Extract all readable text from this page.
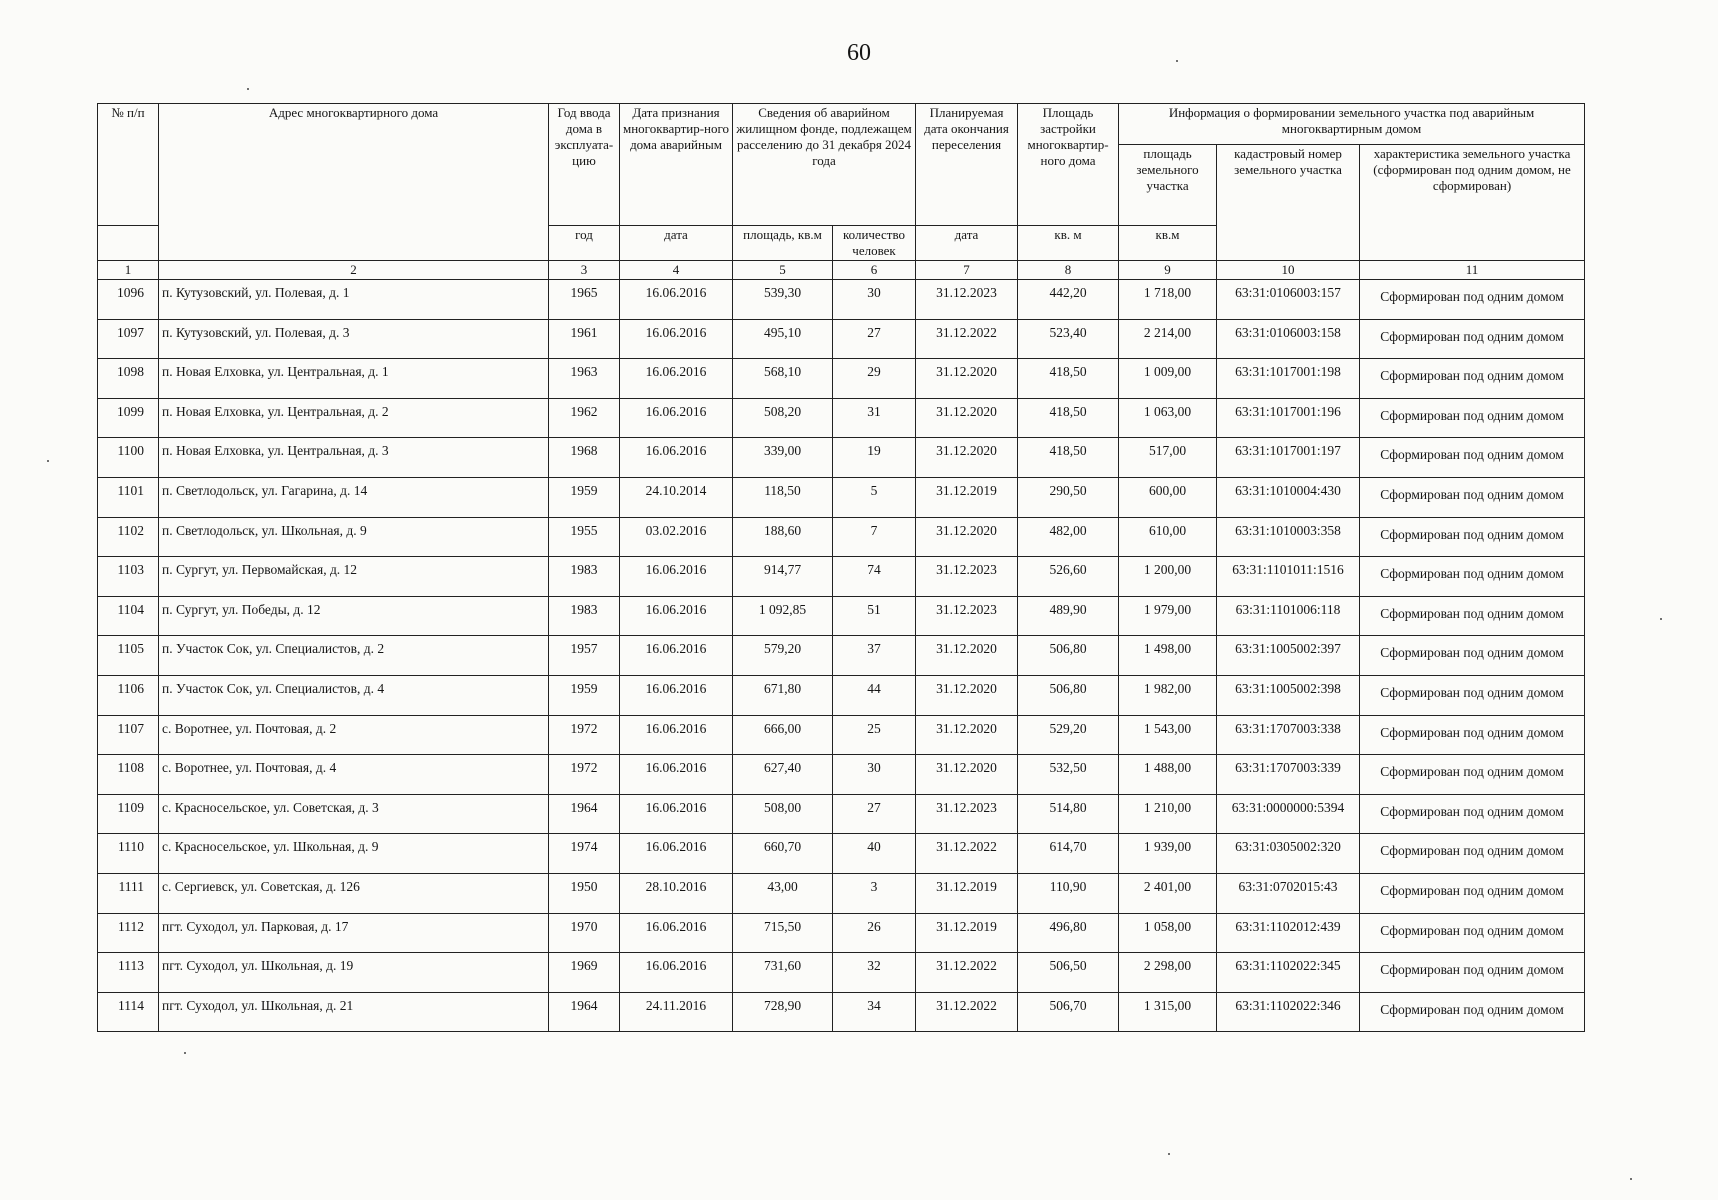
60
№ п/п	Адрес многоквартирного дома	Год ввода дома в эксплуата-цию	Дата признания многоквартир-ного дома аварийным	Сведения об аварийном жилищном фонде, подлежащем расселению до 31 декабря 2024 года		Планируемая дата окончания переселения	Площадь застройки многоквартир-ного дома	Информация о формировании земельного участка под аварийным многоквартирным домом		
								площадь земельного участка	кадастровый номер земельного участка	характеристика земельного участка (сформирован под одним домом, не сформирован)
		год	дата	площадь, кв.м	количество человек	дата	кв. м	кв.м		
1	2	3	4	5	6	7	8	9	10	11
1096	п. Кутузовский, ул. Полевая, д. 1	1965	16.06.2016	539,30	30	31.12.2023	442,20	1 718,00	63:31:0106003:157	Сформирован под одним домом
1097	п. Кутузовский, ул. Полевая, д. 3	1961	16.06.2016	495,10	27	31.12.2022	523,40	2 214,00	63:31:0106003:158	Сформирован под одним домом
1098	п. Новая Елховка, ул. Центральная, д. 1	1963	16.06.2016	568,10	29	31.12.2020	418,50	1 009,00	63:31:1017001:198	Сформирован под одним домом
1099	п. Новая Елховка, ул. Центральная, д. 2	1962	16.06.2016	508,20	31	31.12.2020	418,50	1 063,00	63:31:1017001:196	Сформирован под одним домом
1100	п. Новая Елховка, ул. Центральная, д. 3	1968	16.06.2016	339,00	19	31.12.2020	418,50	517,00	63:31:1017001:197	Сформирован под одним домом
1101	п. Светлодольск, ул. Гагарина, д. 14	1959	24.10.2014	118,50	5	31.12.2019	290,50	600,00	63:31:1010004:430	Сформирован под одним домом
1102	п. Светлодольск, ул. Школьная, д. 9	1955	03.02.2016	188,60	7	31.12.2020	482,00	610,00	63:31:1010003:358	Сформирован под одним домом
1103	п. Сургут, ул. Первомайская, д. 12	1983	16.06.2016	914,77	74	31.12.2023	526,60	1 200,00	63:31:1101011:1516	Сформирован под одним домом
1104	п. Сургут, ул. Победы, д. 12	1983	16.06.2016	1 092,85	51	31.12.2023	489,90	1 979,00	63:31:1101006:118	Сформирован под одним домом
1105	п. Участок Сок, ул. Специалистов, д. 2	1957	16.06.2016	579,20	37	31.12.2020	506,80	1 498,00	63:31:1005002:397	Сформирован под одним домом
1106	п. Участок Сок, ул. Специалистов, д. 4	1959	16.06.2016	671,80	44	31.12.2020	506,80	1 982,00	63:31:1005002:398	Сформирован под одним домом
1107	с. Воротнее, ул. Почтовая, д. 2	1972	16.06.2016	666,00	25	31.12.2020	529,20	1 543,00	63:31:1707003:338	Сформирован под одним домом
1108	с. Воротнее, ул. Почтовая, д. 4	1972	16.06.2016	627,40	30	31.12.2020	532,50	1 488,00	63:31:1707003:339	Сформирован под одним домом
1109	с. Красносельское, ул. Советская, д. 3	1964	16.06.2016	508,00	27	31.12.2023	514,80	1 210,00	63:31:0000000:5394	Сформирован под одним домом
1110	с. Красносельское, ул. Школьная, д. 9	1974	16.06.2016	660,70	40	31.12.2022	614,70	1 939,00	63:31:0305002:320	Сформирован под одним домом
1111	с. Сергиевск, ул. Советская, д. 126	1950	28.10.2016	43,00	3	31.12.2019	110,90	2 401,00	63:31:0702015:43	Сформирован под одним домом
1112	пгт. Суходол, ул. Парковая, д. 17	1970	16.06.2016	715,50	26	31.12.2019	496,80	1 058,00	63:31:1102012:439	Сформирован под одним домом
1113	пгт. Суходол, ул. Школьная, д. 19	1969	16.06.2016	731,60	32	31.12.2022	506,50	2 298,00	63:31:1102022:345	Сформирован под одним домом
1114	пгт. Суходол, ул. Школьная, д. 21	1964	24.11.2016	728,90	34	31.12.2022	506,70	1 315,00	63:31:1102022:346	Сформирован под одним домом
